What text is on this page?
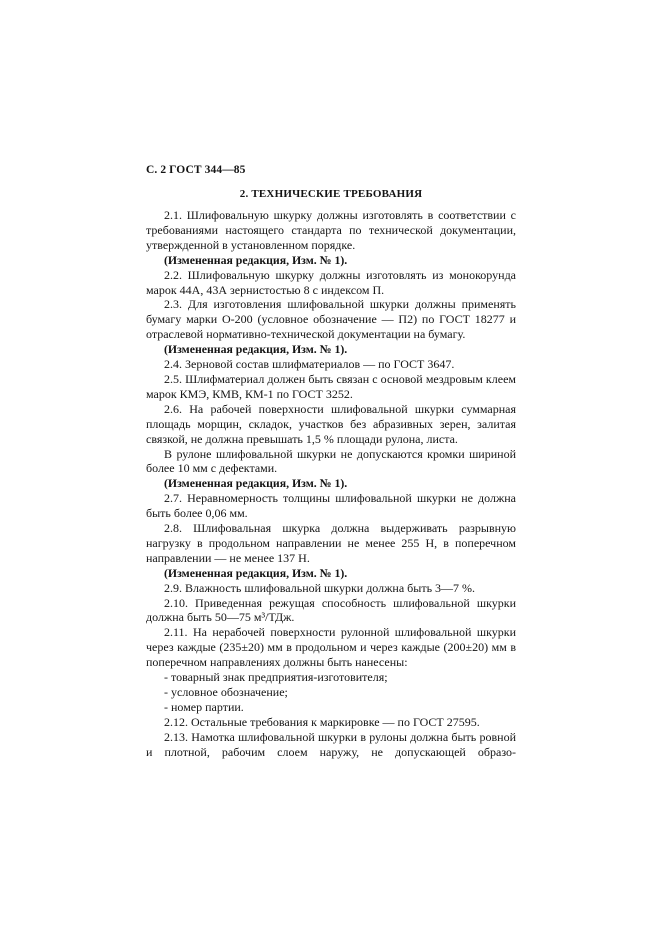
С. 2 ГОСТ 344—85
2. ТЕХНИЧЕСКИЕ ТРЕБОВАНИЯ

2.1. Шлифовальную шкурку должны изготовлять в соответствии с требованиями настоящего стандарта по технической документации, утвержденной в установленном порядке.

(Измененная редакция, Изм. № 1).

2.2. Шлифовальную шкурку должны изготовлять из монокорунда марок 44А, 43А зернистостью 8 с индексом П.

2.3. Для изготовления шлифовальной шкурки должны применять бумагу марки О-200 (условное обозначение — П2) по ГОСТ 18277 и отраслевой нормативно-технической документации на бумагу.

(Измененная редакция, Изм. № 1).

2.4. Зерновой состав шлифматериалов — по ГОСТ 3647.

2.5. Шлифматериал должен быть связан с основой мездровым клеем марок КМЭ, КМВ, КМ-1 по ГОСТ 3252.

2.6. На рабочей поверхности шлифовальной шкурки суммарная площадь морщин, складок, участков без абразивных зерен, залитая связкой, не должна превышать 1,5 % площади рулона, листа.

В рулоне шлифовальной шкурки не допускаются кромки шириной более 10 мм с дефектами.

(Измененная редакция, Изм. № 1).

2.7. Неравномерность толщины шлифовальной шкурки не должна быть более 0,06 мм.

2.8. Шлифовальная шкурка должна выдерживать разрывную нагрузку в продольном направлении не менее 255 Н, в поперечном направлении — не менее 137 Н.

(Измененная редакция, Изм. № 1).

2.9. Влажность шлифовальной шкурки должна быть 3—7 %.

2.10. Приведенная режущая способность шлифовальной шкурки должна быть 50—75 м³/ТДж.

2.11. На нерабочей поверхности рулонной шлифовальной шкурки через каждые (235±20) мм в продольном и через каждые (200±20) мм в поперечном направлениях должны быть нанесены:

- товарный знак предприятия-изготовителя;

- условное обозначение;

- номер партии.

2.12. Остальные требования к маркировке — по ГОСТ 27595.

2.13. Намотка шлифовальной шкурки в рулоны должна быть ровной и плотной, рабочим слоем наружу, не допускающей образо-
